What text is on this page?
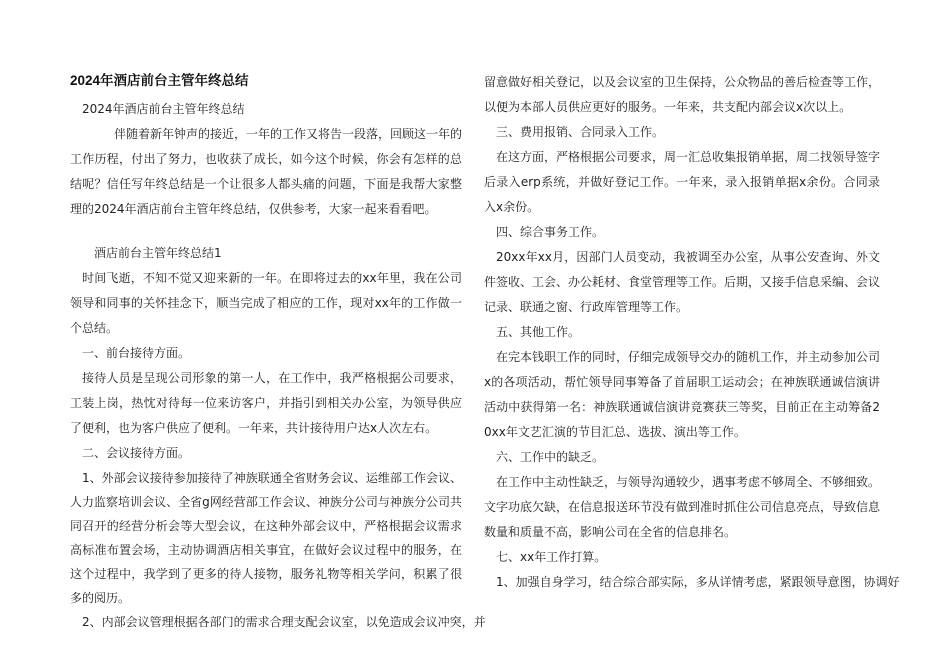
2024年酒店前台主管年终总结

2024年酒店前台主管年终总结

伴随着新年钟声的接近，一年的工作又将告一段落，回顾这一年的工作历程，付出了努力，也收获了成长，如今这个时候，你会有怎样的总结呢？信任写年终总结是一个让很多人都头痛的问题，下面是我帮大家整理的2024年酒店前台主管年终总结，仅供参考，大家一起来看看吧。

酒店前台主管年终总结1

时间飞逝，不知不觉又迎来新的一年。在即将过去的xx年里，我在公司领导和同事的关怀挂念下，顺当完成了相应的工作，现对xx年的工作做一个总结。

一、前台接待方面。

接待人员是呈现公司形象的第一人，在工作中，我严格根据公司要求，工装上岗，热忱对待每一位来访客户，并指引到相关办公室，为领导供应了便利，也为客户供应了便利。一年来，共计接待用户达x人次左右。

二、会议接待方面。

1、外部会议接待参加接待了神族联通全省财务会议、运维部工作会议、人力监察培训会议、全省g网经营部工作会议、神族分公司与神族分公司共同召开的经营分析会等大型会议，在这种外部会议中，严格根据会议需求高标准布置会场，主动协调酒店相关事宜，在做好会议过程中的服务，在这个过程中，我学到了更多的待人接物，服务礼物等相关学问，积累了很多的阅历。

2、内部会议管理根据各部门的需求合理支配会议室，以免造成会议冲突，并

留意做好相关登记，以及会议室的卫生保持，公众物品的善后检查等工作，以便为本部人员供应更好的服务。一年来，共支配内部会议x次以上。

三、费用报销、合同录入工作。

在这方面，严格根据公司要求，周一汇总收集报销单据，周二找领导签字后录入erp系统，并做好登记工作。一年来，录入报销单据x余份。合同录入x余份。

四、综合事务工作。

20xx年xx月，因部门人员变动，我被调至办公室，从事公安查询、外文件签收、工会、办公耗材、食堂管理等工作。后期，又接手信息采编、会议记录、联通之窗、行政库管理等工作。

五、其他工作。

在完本钱职工作的同时，仔细完成领导交办的随机工作，并主动参加公司x的各项活动，帮忙领导同事筹备了首届职工运动会；在神族联通诚信演讲活动中获得第一名：神族联通诚信演讲竞赛获三等奖，目前正在主动筹备20xx年文艺汇演的节目汇总、选拔、演出等工作。

六、工作中的缺乏。

在工作中主动性缺乏，与领导沟通较少，遇事考虑不够周全、不够细致。文字功底欠缺，在信息报送环节没有做到准时抓住公司信息亮点，导致信息数量和质量不高，影响公司在全省的信息排名。

七、xx年工作打算。

1、加强自身学习，结合综合部实际，多从详情考虑，紧跟领导意图，协调好
